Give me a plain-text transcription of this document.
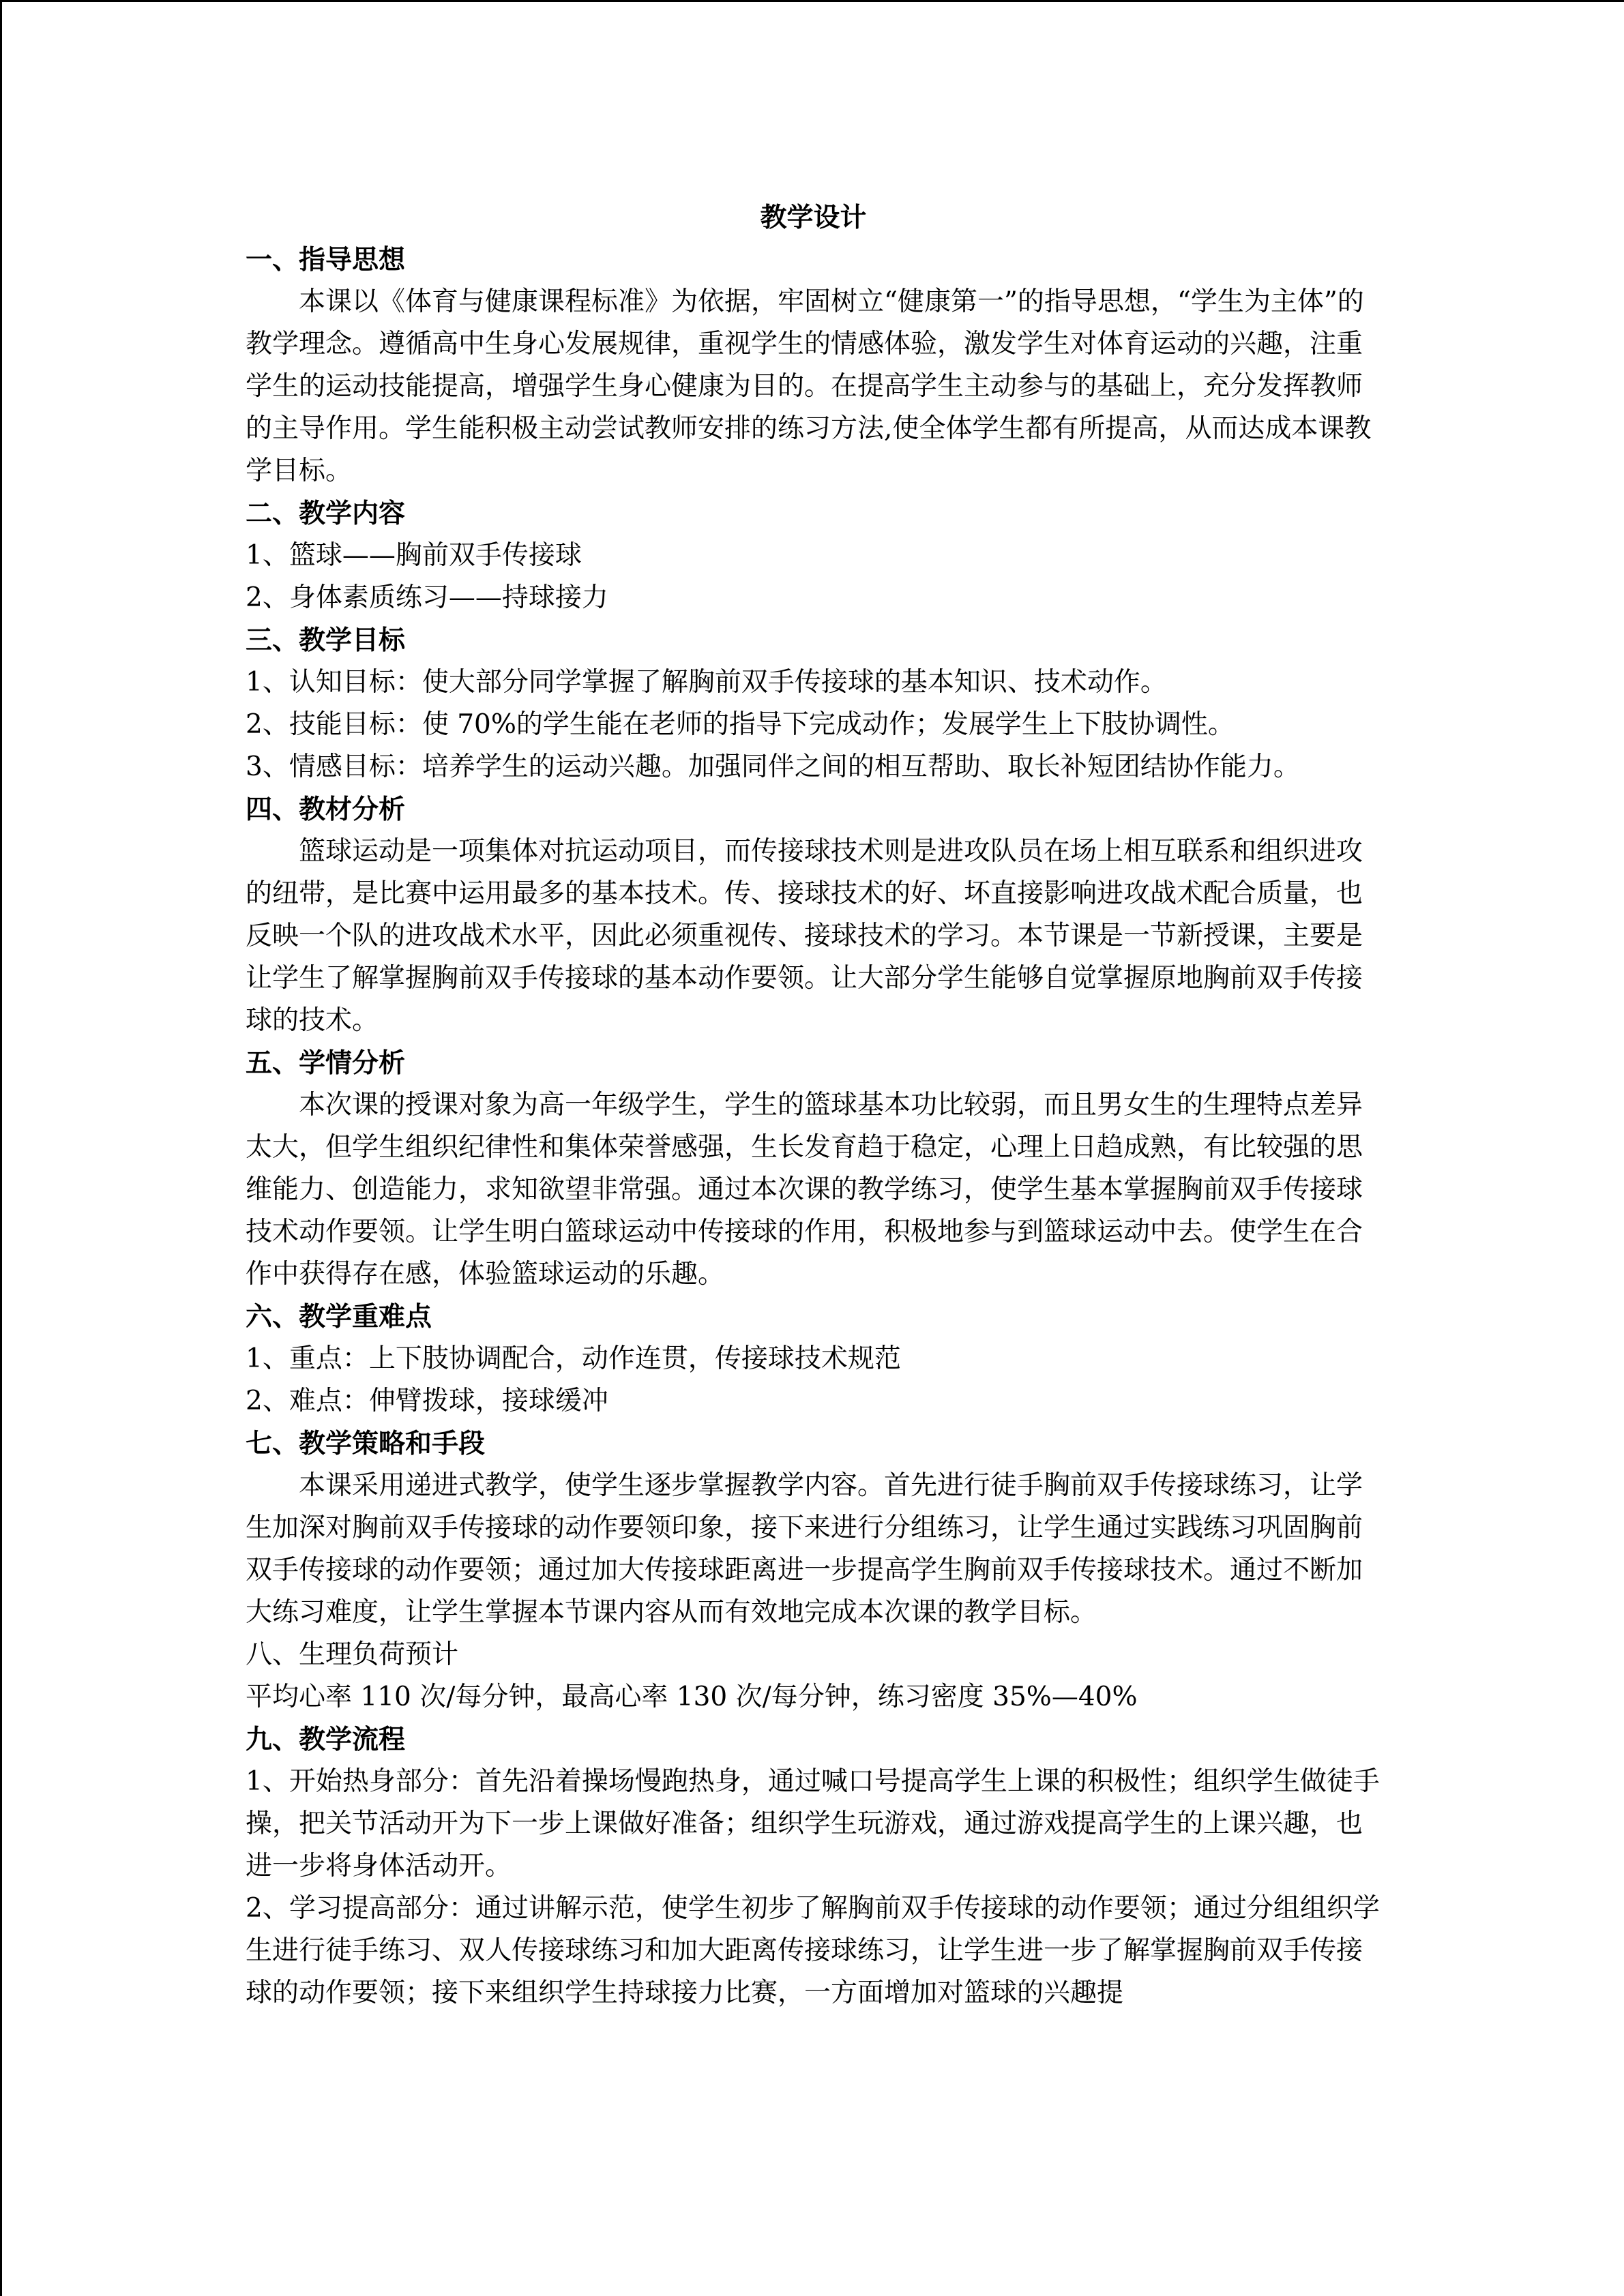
教学设计

一、指导思想

本课以《体育与健康课程标准》为依据，牢固树立“健康第一”的指导思想，“学生为主体”的教学理念。遵循高中生身心发展规律，重视学生的情感体验，激发学生对体育运动的兴趣，注重学生的运动技能提高，增强学生身心健康为目的。在提高学生主动参与的基础上，充分发挥教师的主导作用。学生能积极主动尝试教师安排的练习方法,使全体学生都有所提高，从而达成本课教学目标。

二、教学内容

1、篮球——胸前双手传接球

2、身体素质练习——持球接力

三、教学目标

1、认知目标：使大部分同学掌握了解胸前双手传接球的基本知识、技术动作。

2、技能目标：使 70%的学生能在老师的指导下完成动作；发展学生上下肢协调性。

3、情感目标：培养学生的运动兴趣。加强同伴之间的相互帮助、取长补短团结协作能力。

四、教材分析

篮球运动是一项集体对抗运动项目，而传接球技术则是进攻队员在场上相互联系和组织进攻的纽带，是比赛中运用最多的基本技术。传、接球技术的好、坏直接影响进攻战术配合质量，也反映一个队的进攻战术水平，因此必须重视传、接球技术的学习。本节课是一节新授课，主要是让学生了解掌握胸前双手传接球的基本动作要领。让大部分学生能够自觉掌握原地胸前双手传接球的技术。

五、学情分析

本次课的授课对象为高一年级学生，学生的篮球基本功比较弱，而且男女生的生理特点差异太大，但学生组织纪律性和集体荣誉感强，生长发育趋于稳定，心理上日趋成熟，有比较强的思维能力、创造能力，求知欲望非常强。通过本次课的教学练习，使学生基本掌握胸前双手传接球技术动作要领。让学生明白篮球运动中传接球的作用，积极地参与到篮球运动中去。使学生在合作中获得存在感，体验篮球运动的乐趣。

六、教学重难点

1、重点：上下肢协调配合，动作连贯，传接球技术规范

2、难点：伸臂拨球，接球缓冲

七、教学策略和手段

本课采用递进式教学，使学生逐步掌握教学内容。首先进行徒手胸前双手传接球练习，让学生加深对胸前双手传接球的动作要领印象，接下来进行分组练习，让学生通过实践练习巩固胸前双手传接球的动作要领；通过加大传接球距离进一步提高学生胸前双手传接球技术。通过不断加大练习难度，让学生掌握本节课内容从而有效地完成本次课的教学目标。

八、生理负荷预计

平均心率 110 次/每分钟，最高心率 130 次/每分钟，练习密度 35%—40%

九、教学流程

1、开始热身部分：首先沿着操场慢跑热身，通过喊口号提高学生上课的积极性；组织学生做徒手操，把关节活动开为下一步上课做好准备；组织学生玩游戏，通过游戏提高学生的上课兴趣，也进一步将身体活动开。

2、学习提高部分：通过讲解示范，使学生初步了解胸前双手传接球的动作要领；通过分组组织学生进行徒手练习、双人传接球练习和加大距离传接球练习，让学生进一步了解掌握胸前双手传接球的动作要领；接下来组织学生持球接力比赛，一方面增加对篮球的兴趣提
